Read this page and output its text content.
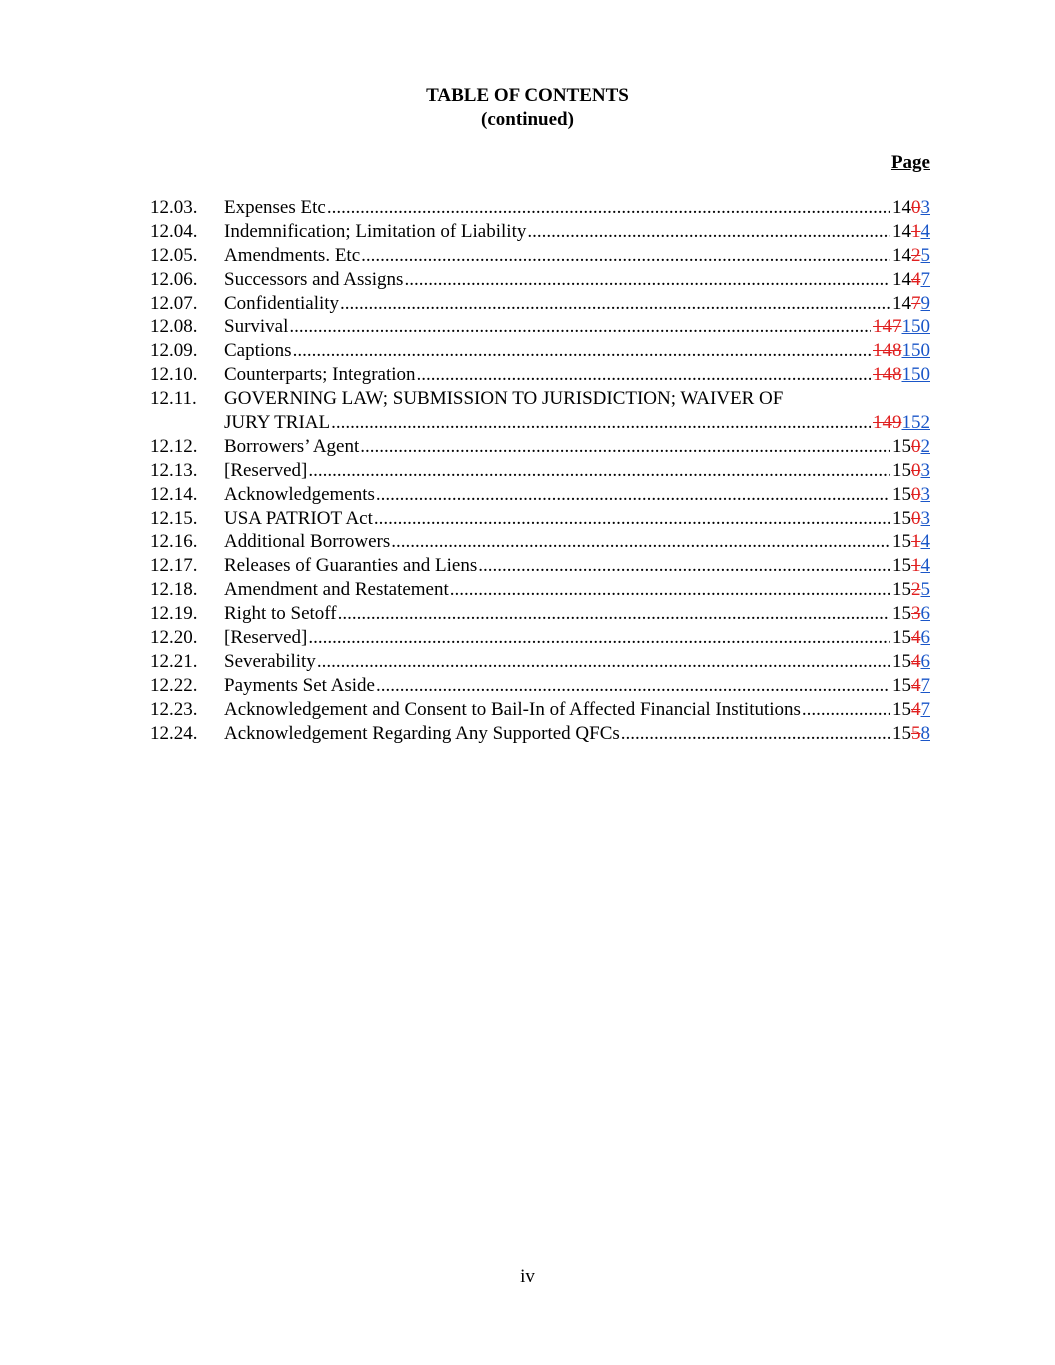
TABLE OF CONTENTS
(continued)
Page
12.03.	Expenses Etc .....	1403
12.04.	Indemnification; Limitation of Liability .....	1414
12.05.	Amendments. Etc .....	1425
12.06.	Successors and Assigns .....	1447
12.07.	Confidentiality .....	1479
12.08.	Survival .....	147150
12.09.	Captions .....	148150
12.10.	Counterparts; Integration .....	148150
12.11.	GOVERNING LAW; SUBMISSION TO JURISDICTION; WAIVER OF
JURY TRIAL .....	149152
12.12.	Borrowers’ Agent .....	1502
12.13.	[Reserved] .....	1503
12.14.	Acknowledgements .....	1503
12.15.	USA PATRIOT Act .....	1503
12.16.	Additional Borrowers .....	1514
12.17.	Releases of Guaranties and Liens .....	1514
12.18.	Amendment and Restatement .....	1525
12.19.	Right to Setoff .....	1536
12.20.	[Reserved] .....	1546
12.21.	Severability .....	1546
12.22.	Payments Set Aside .....	1547
12.23.	Acknowledgement and Consent to Bail-In of Affected Financial Institutions .....	1547
12.24.	Acknowledgement Regarding Any Supported QFCs .....	1558
iv
